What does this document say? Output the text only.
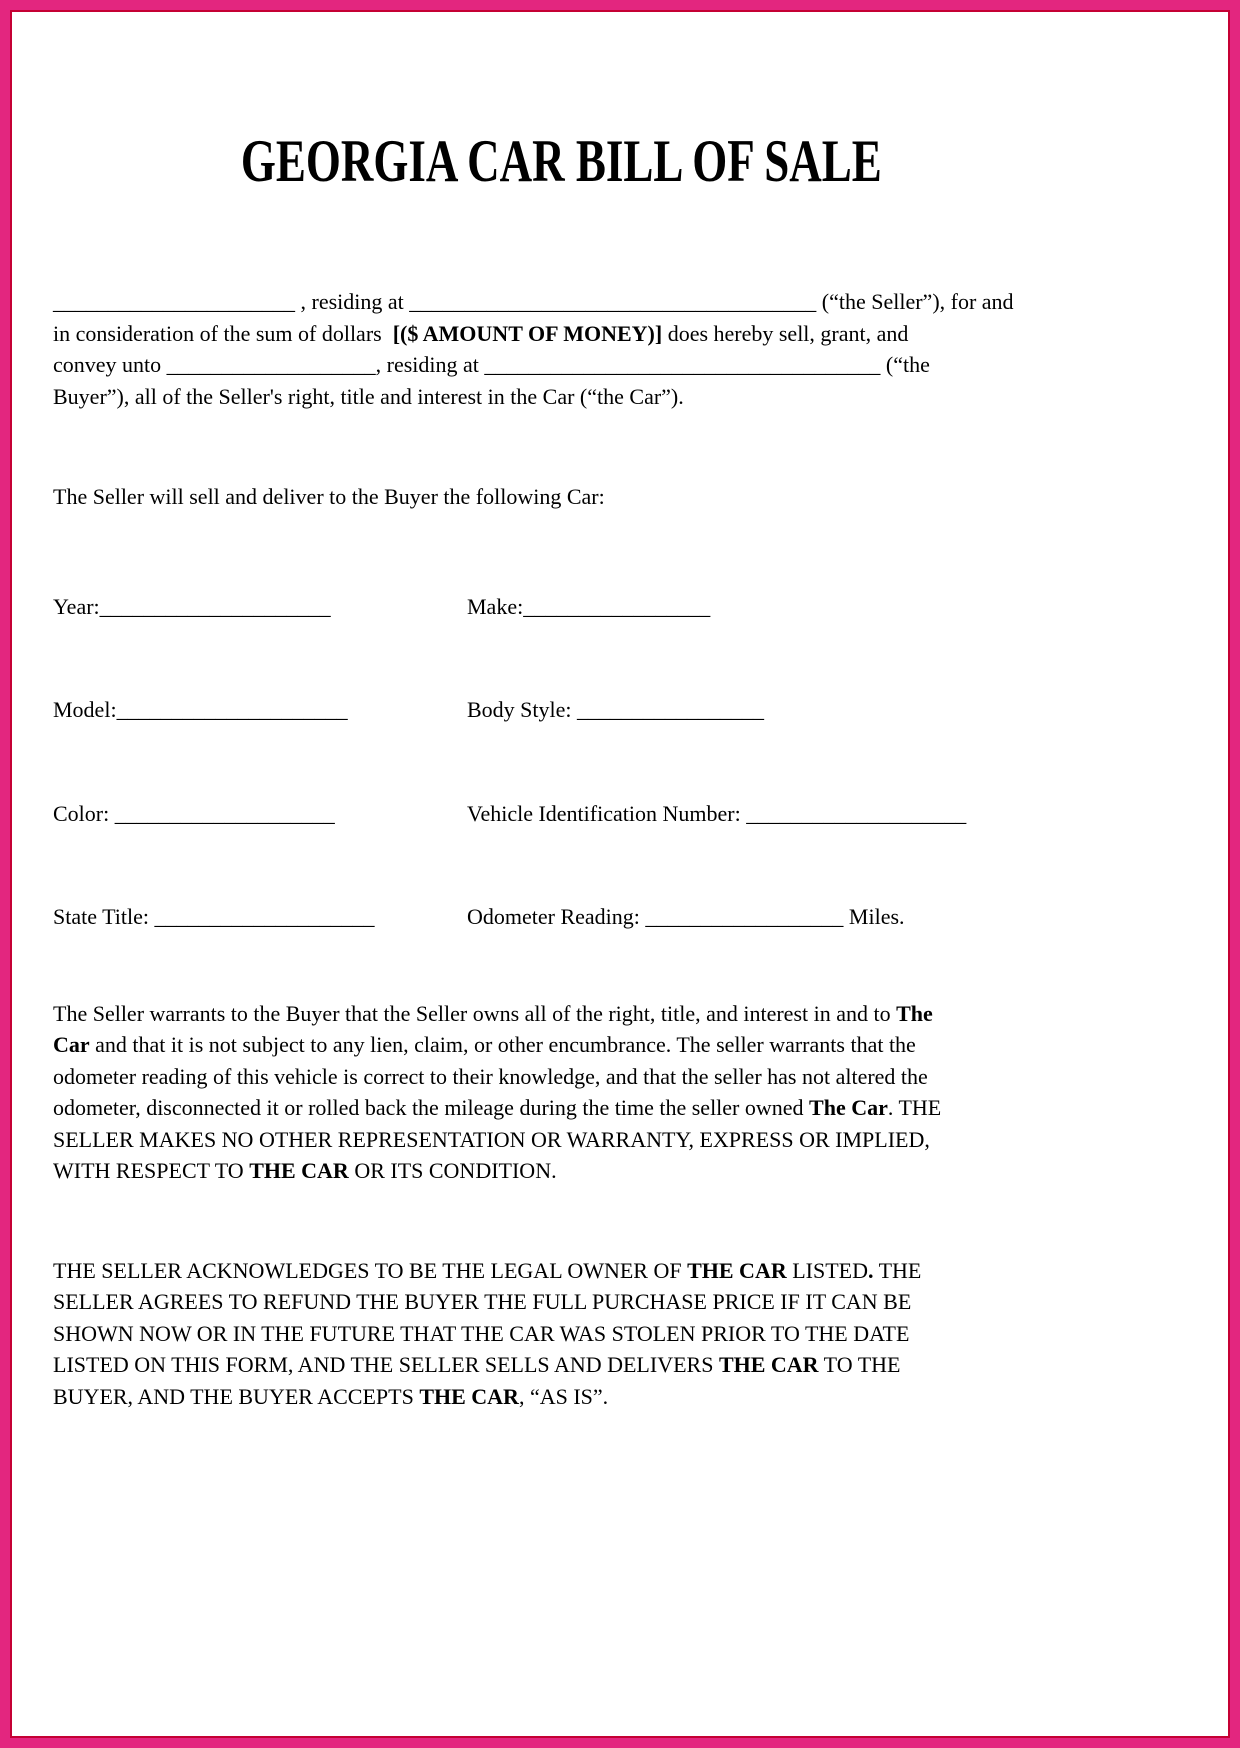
GEORGIA CAR BILL OF SALE
______________________ , residing at _____________________________________ (“the Seller”), for and
in consideration of the sum of dollars  [($ AMOUNT OF MONEY)] does hereby sell, grant, and
convey unto ___________________, residing at ____________________________________ (“the
Buyer”), all of the Seller's right, title and interest in the Car (“the Car”).
The Seller will sell and deliver to the Buyer the following Car:
Year:_____________________	Make:_________________
Model:_____________________	Body Style: _________________
Color: ____________________	Vehicle Identification Number: ____________________
State Title: ____________________	Odometer Reading: __________________ Miles.
The Seller warrants to the Buyer that the Seller owns all of the right, title, and interest in and to The
Car and that it is not subject to any lien, claim, or other encumbrance. The seller warrants that the
odometer reading of this vehicle is correct to their knowledge, and that the seller has not altered the
odometer, disconnected it or rolled back the mileage during the time the seller owned The Car. THE
SELLER MAKES NO OTHER REPRESENTATION OR WARRANTY, EXPRESS OR IMPLIED,
WITH RESPECT TO THE CAR OR ITS CONDITION.
THE SELLER ACKNOWLEDGES TO BE THE LEGAL OWNER OF THE CAR LISTED. THE
SELLER AGREES TO REFUND THE BUYER THE FULL PURCHASE PRICE IF IT CAN BE
SHOWN NOW OR IN THE FUTURE THAT THE CAR WAS STOLEN PRIOR TO THE DATE
LISTED ON THIS FORM, AND THE SELLER SELLS AND DELIVERS THE CAR TO THE
BUYER, AND THE BUYER ACCEPTS THE CAR, “AS IS”.
